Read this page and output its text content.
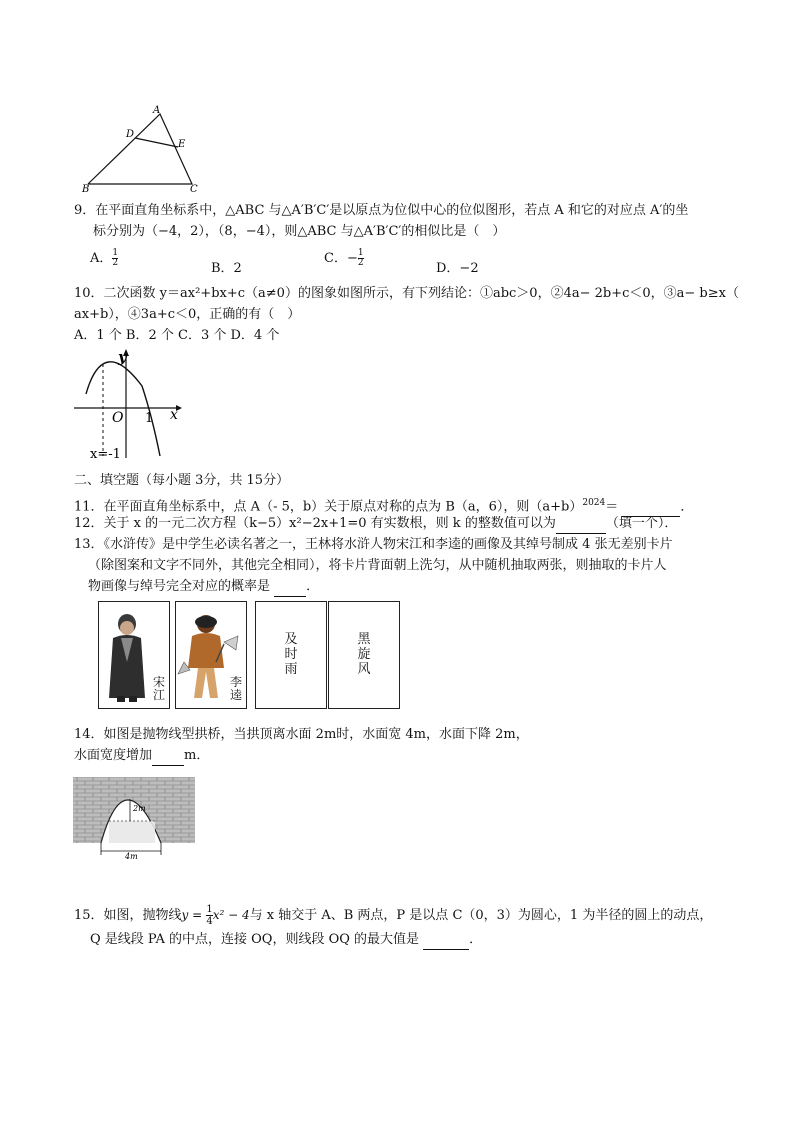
A
B	C
D
E
9．在平面直角坐标系中，△ABC 与△A′B′C′是以原点为位似中心的位似图形，若点 A 和它的对应点 A′的坐
标分别为（−4，2），（8，−4），则△ABC 与△A′B′C′的相似比是（　）
A． $\frac{1}{2}$
B．2
C．− $\frac{1}{2}$
D．−2
10．二次函数 y＝ax²+bx+c（a≠0）的图象如图所示，有下列结论：①abc＞0，②4a− 2b+c＜0，③a− b≥x（
ax+b），④3a+c＜0，正确的有（　）
A．1 个 B．2 个 C．3 个 D．4 个
y
x
O 1
x=-1
二、填空题（每小题 3分，共 15分）
11．在平面直角坐标系中，点 A（- 5，b）关于原点对称的点为 B（a，6），则$(a+b)^{2024}=$	．
12．关于 x 的一元二次方程（k−5）x²−2x+1=0 有实数根，则 k 的整数值可以为	（填一个）．
13．《水浒传》是中学生必读名著之一，王林将水浒人物宋江和李逵的画像及其绰号制成 4 张无差别卡片
（除图案和文字不同外，其他完全相同），将卡片背面朝上洗匀，从中随机抽取两张，则抽取的卡片人
物画像与绰号完全对应的概率是	．
宋
江
李
逵
及
时
雨
黑
旋
风
14．如图是抛物线型拱桥，当拱顶离水面 2m时，水面宽 4m，水面下降 2m，
水面宽度增加 m．
2m
4m
15．如图，抛物线$y = \frac{1}{4} x^2 - 4$与 x 轴交于 A、B 两点，P 是以点 C（0，3）为圆心，1 为半径的圆上的动点，
Q 是线段 PA 的中点，连接 OQ，则线段 OQ 的最大值是	．
